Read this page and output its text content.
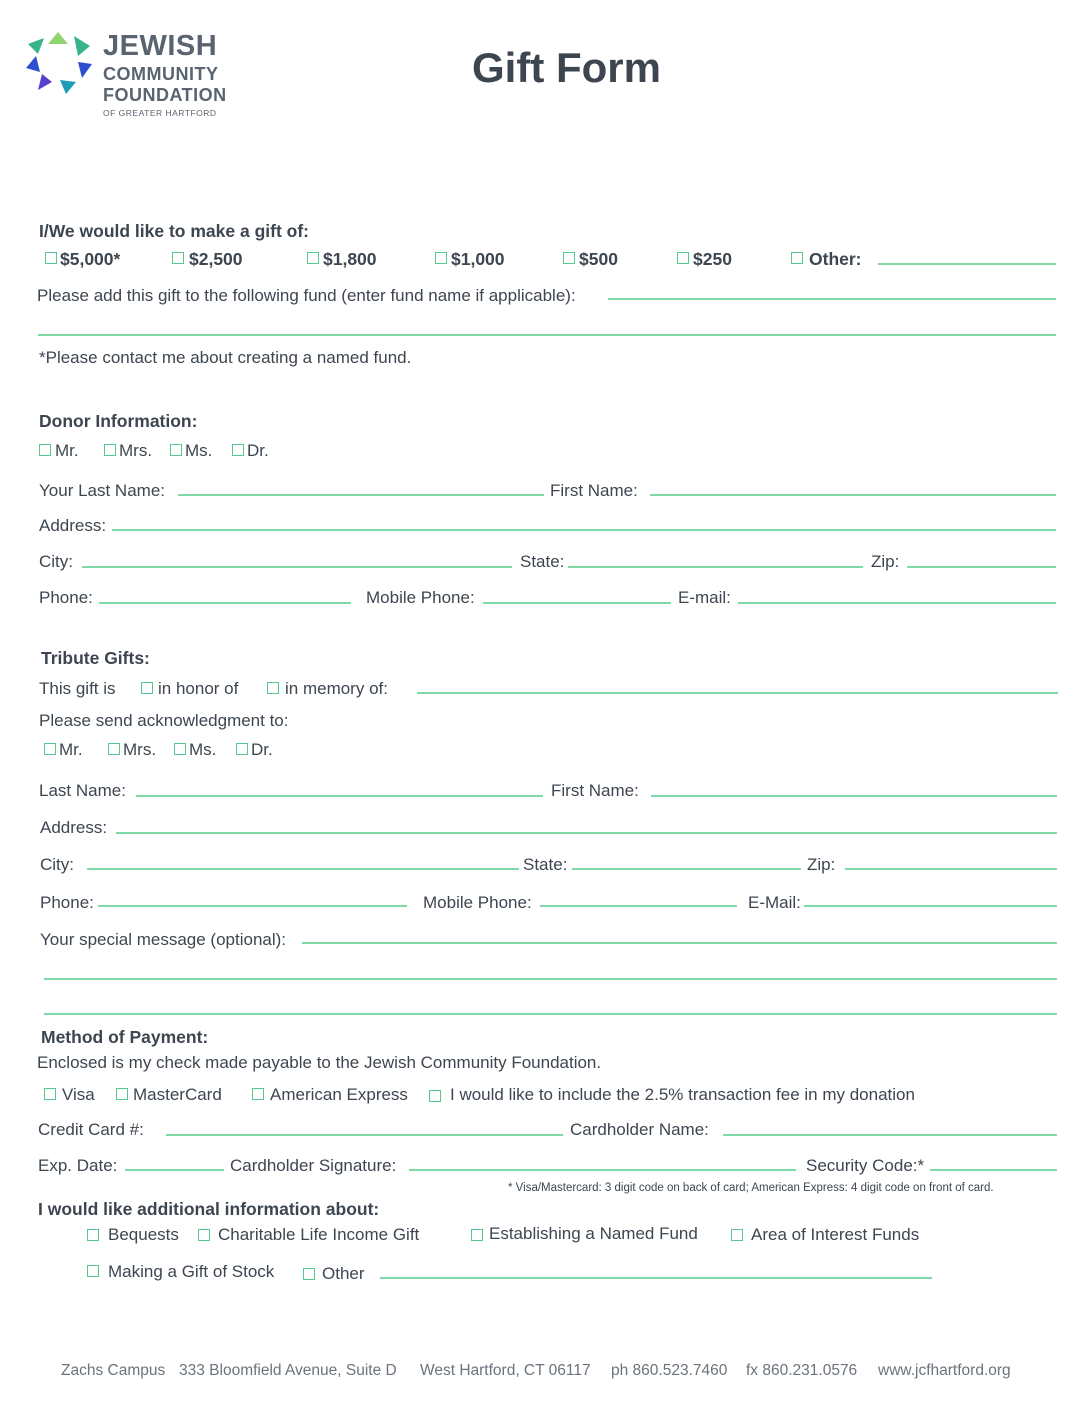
JEWISH
COMMUNITY
FOUNDATION
OF GREATER HARTFORD
Gift Form
I/We would like to make a gift of:
$5,000*	$2,500	$1,800	$1,000	$500	$250	Other:
Please add this gift to the following fund (enter fund name if applicable):
*Please contact me about creating a named fund.
Donor Information:
Mr. Mrs. Ms. Dr.
Your Last Name:	First Name:
Address:
City:	State:	Zip:
Phone:	Mobile Phone:	E-mail:
Tribute Gifts:
This gift is in honor of	in memory of:
Please send acknowledgment to:
Mr. Mrs. Ms. Dr.
Last Name:	First Name:
Address:
City:	State:	Zip:
Phone:	Mobile Phone:	E-Mail:
Your special message (optional):
Method of Payment:
Enclosed is my check made payable to the Jewish Community Foundation.
Visa MasterCard	American Express I would like to include the 2.5% transaction fee in my donation
Credit Card #:	Cardholder Name:
Exp. Date:	Cardholder Signature:	Security Code:*
* Visa/Mastercard: 3 digit code on back of card; American Express: 4 digit code on front of card.
I would like additional information about:
Bequests Charitable Life Income Gift	Establishing a Named Fund	Area of Interest Funds
Making a Gift of Stock	Other
Zachs Campus 333 Bloomfield Avenue, Suite D West Hartford, CT 06117 ph 860.523.7460 fx 860.231.0576 www.jcfhartford.org
